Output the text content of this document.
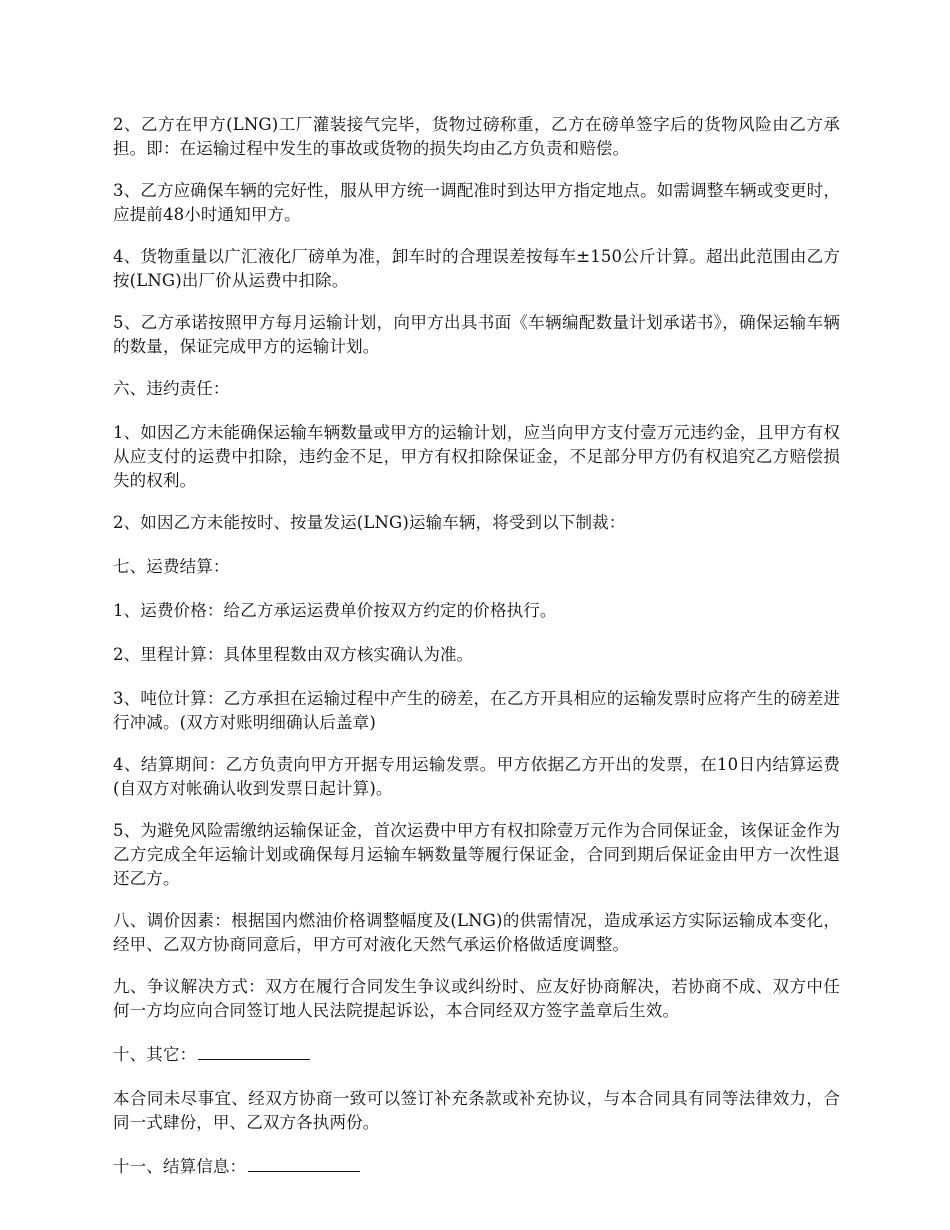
2、乙方在甲方(LNG)工厂灌装接气完毕，货物过磅称重，乙方在磅单签字后的货物风险由乙方承担。即：在运输过程中发生的事故或货物的损失均由乙方负责和赔偿。

3、乙方应确保车辆的完好性，服从甲方统一调配准时到达甲方指定地点。如需调整车辆或变更时，应提前48小时通知甲方。

4、货物重量以广汇液化厂磅单为准，卸车时的合理误差按每车±150公斤计算。超出此范围由乙方按(LNG)出厂价从运费中扣除。

5、乙方承诺按照甲方每月运输计划，向甲方出具书面《车辆编配数量计划承诺书》，确保运输车辆的数量，保证完成甲方的运输计划。

六、违约责任：

1、如因乙方未能确保运输车辆数量或甲方的运输计划，应当向甲方支付壹万元违约金，且甲方有权从应支付的运费中扣除，违约金不足，甲方有权扣除保证金，不足部分甲方仍有权追究乙方赔偿损失的权利。

2、如因乙方未能按时、按量发运(LNG)运输车辆，将受到以下制裁：

七、运费结算：

1、运费价格：给乙方承运运费单价按双方约定的价格执行。

2、里程计算：具体里程数由双方核实确认为准。

3、吨位计算：乙方承担在运输过程中产生的磅差，在乙方开具相应的运输发票时应将产生的磅差进行冲减。(双方对账明细确认后盖章)

4、结算期间：乙方负责向甲方开据专用运输发票。甲方依据乙方开出的发票，在10日内结算运费(自双方对帐确认收到发票日起计算)。

5、为避免风险需缴纳运输保证金，首次运费中甲方有权扣除壹万元作为合同保证金，该保证金作为乙方完成全年运输计划或确保每月运输车辆数量等履行保证金，合同到期后保证金由甲方一次性退还乙方。

八、调价因素：根据国内燃油价格调整幅度及(LNG)的供需情况，造成承运方实际运输成本变化，经甲、乙双方协商同意后，甲方可对液化天然气承运价格做适度调整。

九、争议解决方式：双方在履行合同发生争议或纠纷时、应友好协商解决，若协商不成、双方中任何一方均应向合同签订地人民法院提起诉讼，本合同经双方签字盖章后生效。

十、其它：

本合同未尽事宜、经双方协商一致可以签订补充条款或补充协议，与本合同具有同等法律效力，合同一式肆份，甲、乙双方各执两份。

十一、结算信息：
